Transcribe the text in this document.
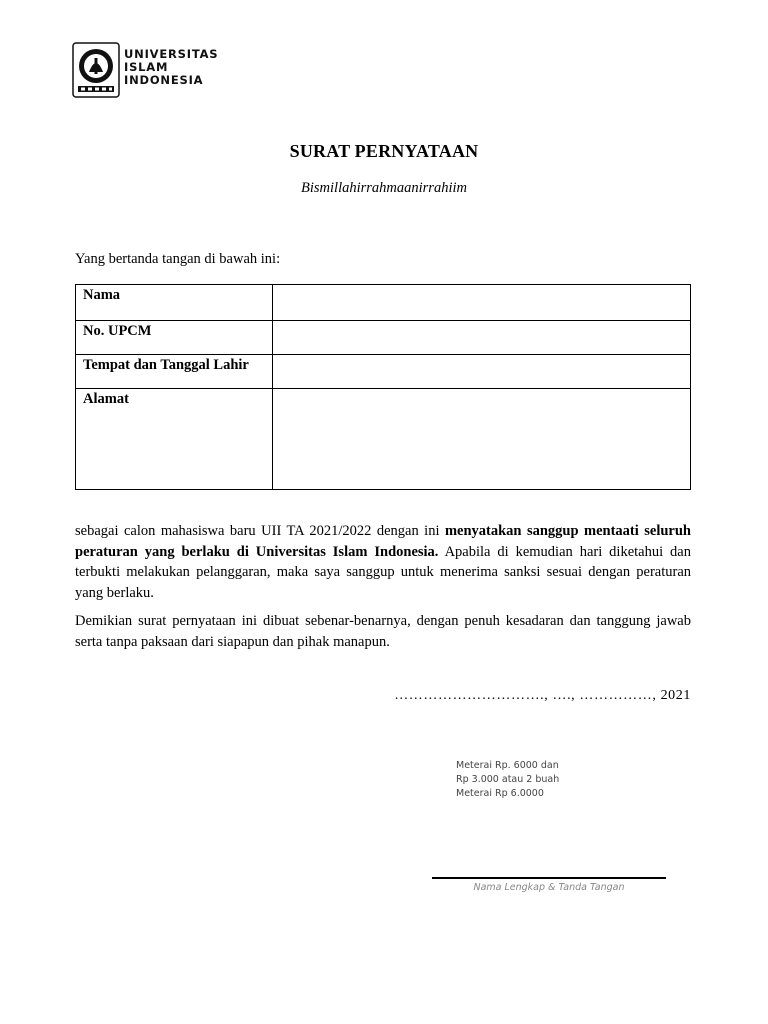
UNIVERSITAS
ISLAM
INDONESIA
SURAT PERNYATAAN
Bismillahirrahmaanirrahiim
Yang bertanda tangan di bawah ini:
Nama
No. UPCM
Tempat dan Tanggal Lahir
Alamat
sebagai calon mahasiswa baru UII TA 2021/2022 dengan ini menyatakan sanggup mentaati seluruh peraturan yang berlaku di Universitas Islam Indonesia. Apabila di kemudian hari diketahui dan terbukti melakukan pelanggaran, maka saya sanggup untuk menerima sanksi sesuai dengan peraturan yang berlaku.
Demikian surat pernyataan ini dibuat sebenar-benarnya, dengan penuh kesadaran dan tanggung jawab serta tanpa paksaan dari siapapun dan pihak manapun.
…………………………., …., ……………, 2021
Meterai Rp. 6000 dan
Rp 3.000 atau 2 buah
Meterai Rp 6.0000
Nama Lengkap & Tanda Tangan
